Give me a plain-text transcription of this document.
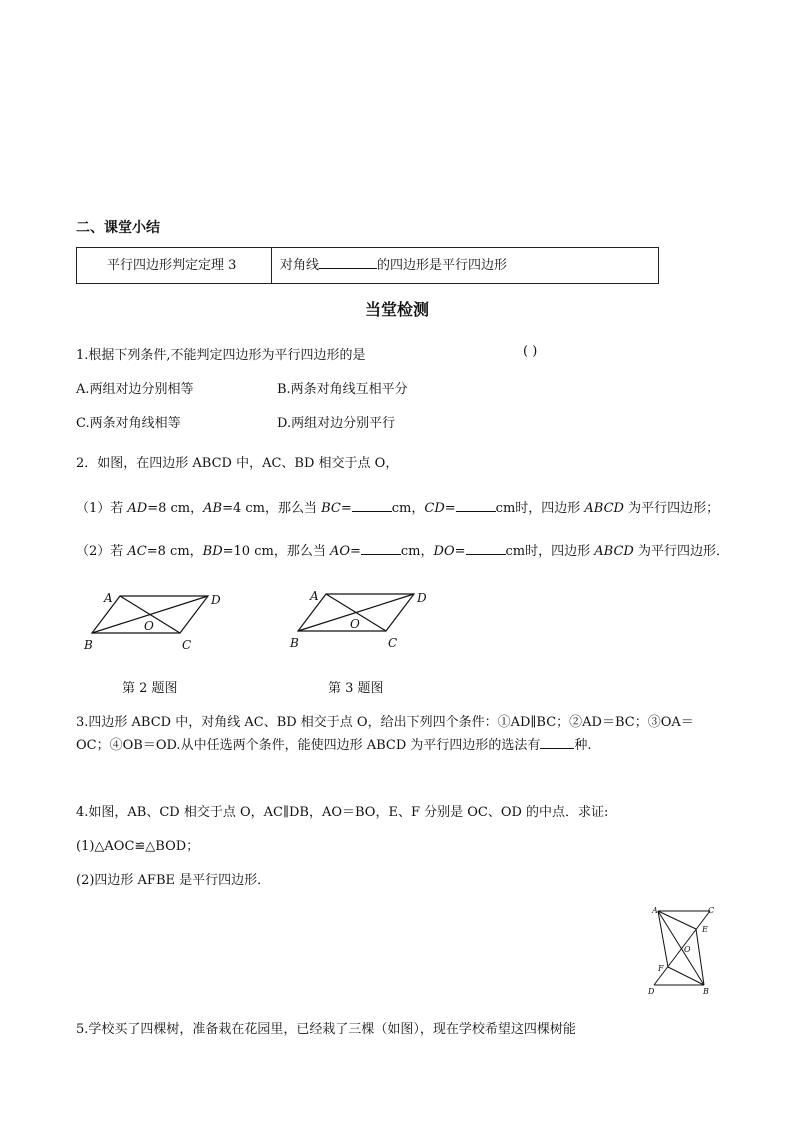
二、课堂小结
平行四边形判定定理 3	对角线	的四边形是平行四边形
当堂检测
1.根据下列条件,不能判定四边形为平行四边形的是	( )
A.两组对边分别相等	B.两条对角线互相平分
C.两条对角线相等	D.两组对边分别平行
2．如图，在四边形 ABCD 中，AC、BD 相交于点 O，
（1）若 AD=8 cm，AB=4 cm，那么当 BC=	cm，CD=	cm时，四边形 ABCD 为平行四边形；
（2）若 AC=8 cm，BD=10 cm，那么当 AO=	cm，DO=	cm时，四边形 ABCD 为平行四边形．
A	D
O
B	C
第 2 题图
A	D
O
B	C
第 3 题图
3.四边形 ABCD 中，对角线 AC、BD 相交于点 O，给出下列四个条件：①AD∥BC；②AD＝BC；③OA＝
OC；④OB＝OD.从中任选两个条件，能使四边形 ABCD 为平行四边形的选法有	种.
4.如图，AB、CD 相交于点 O，AC∥DB，AO＝BO，E、F 分别是 OC、OD 的中点．求证:
(1)△AOC≌△BOD；
(2)四边形 AFBE 是平行四边形．
A	C
E
O
F
D	B
5.学校买了四棵树，准备栽在花园里，已经栽了三棵（如图），现在学校希望这四棵树能
